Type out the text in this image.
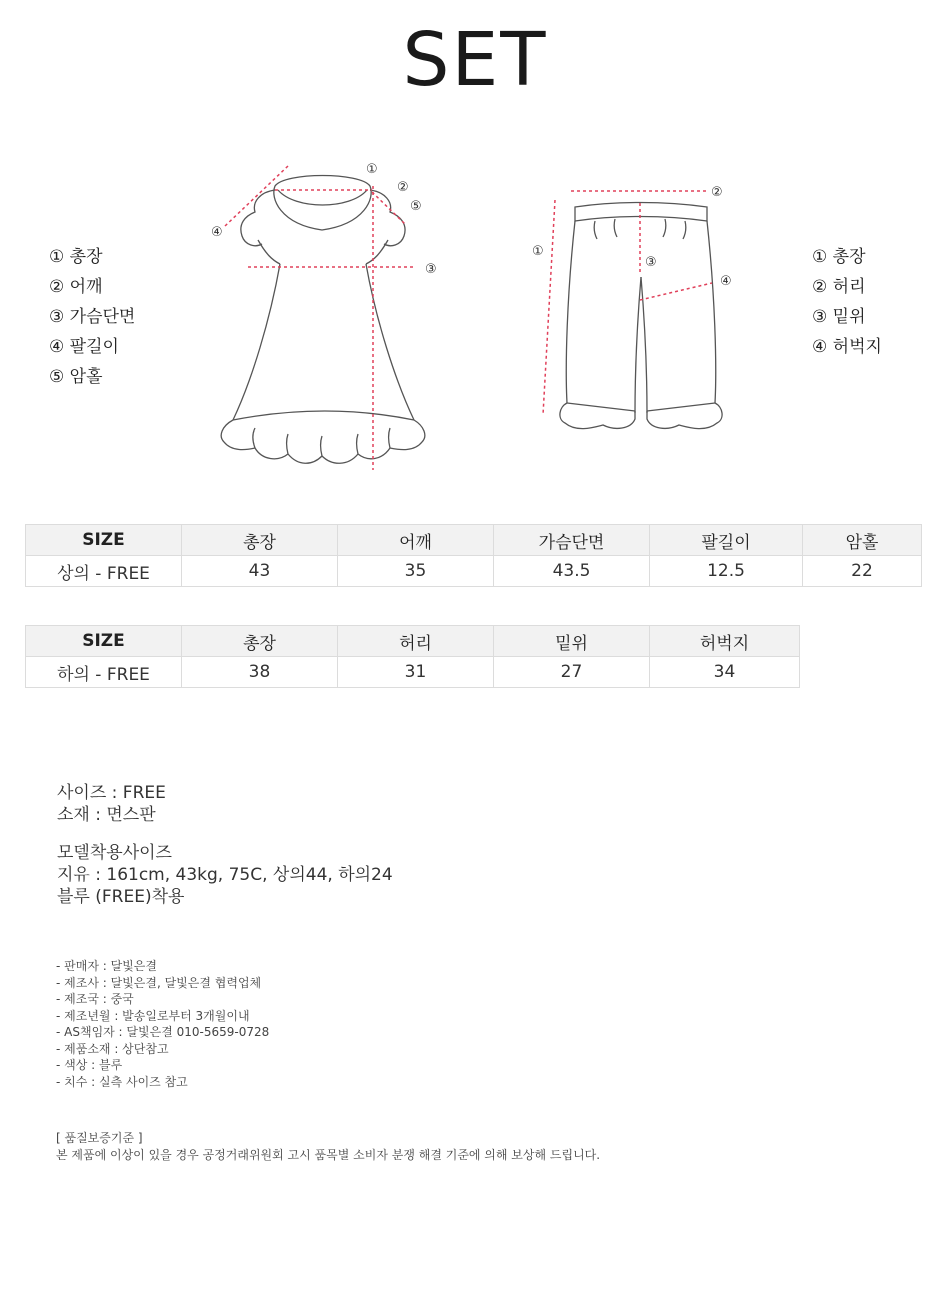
SET
① 총장
② 어깨
③ 가슴단면
④ 팔길이
⑤ 암홀
①
②
③
④
⑤
①
②
③
④
① 총장
② 허리
③ 밑위
④ 허벅지
SIZE	총장	어깨	가슴단면	팔길이	암홀
상의 - FREE	43	35	43.5	12.5	22
SIZE	총장	허리	밑위	허벅지
하의 - FREE	38	31	27	34
사이즈 : FREE
소재 : 면스판
모델착용사이즈
지유 : 161cm, 43kg, 75C, 상의44, 하의24
블루 (FREE)착용
- 판매자 : 달빛은결
- 제조사 : 달빛은결, 달빛은결 협력업체
- 제조국 : 중국
- 제조년월 : 발송일로부터 3개월이내
- AS책임자 : 달빛은결 010-5659-0728
- 제품소재 : 상단참고
- 색상 : 블루
- 치수 : 실측 사이즈 참고
[ 품질보증기준 ]
본 제품에 이상이 있을 경우 공정거래위원회 고시 품목별 소비자 분쟁 해결 기준에 의해 보상해 드립니다.
